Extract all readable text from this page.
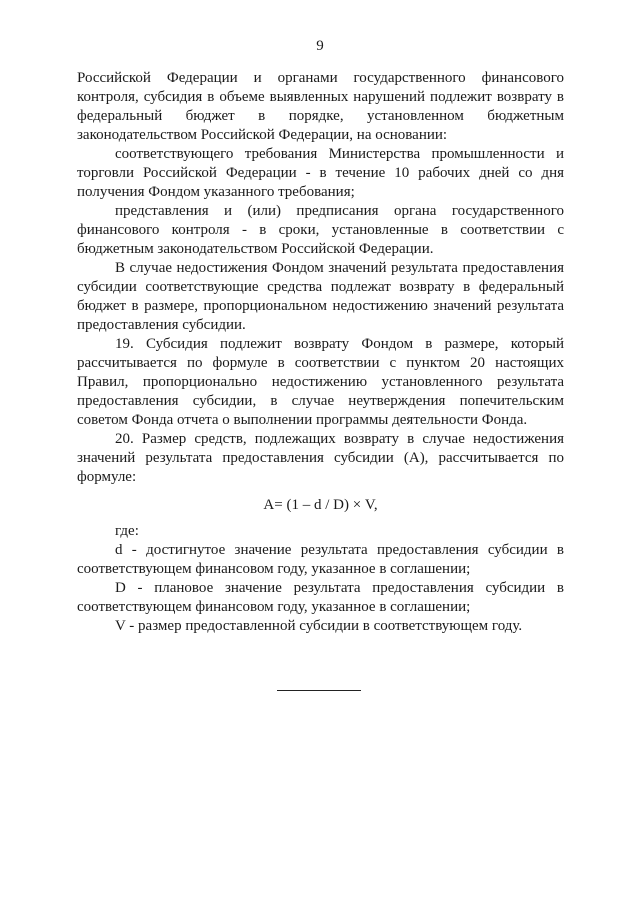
9

Российской Федерации и органами государственного финансового контроля, субсидия в объеме выявленных нарушений подлежит возврату в федеральный бюджет в порядке, установленном бюджетным законодательством Российской Федерации, на основании:

соответствующего требования Министерства промышленности и торговли Российской Федерации - в течение 10 рабочих дней со дня получения Фондом указанного требования;

представления и (или) предписания органа государственного финансового контроля - в сроки, установленные в соответствии с бюджетным законодательством Российской Федерации.

В случае недостижения Фондом значений результата предоставления субсидии соответствующие средства подлежат возврату в федеральный бюджет в размере, пропорциональном недостижению значений результата предоставления субсидии.

19. Субсидия подлежит возврату Фондом в размере, который рассчитывается по формуле в соответствии с пунктом 20 настоящих Правил, пропорционально недостижению установленного результата предоставления субсидии, в случае неутверждения попечительским советом Фонда отчета о выполнении программы деятельности Фонда.

20. Размер средств, подлежащих возврату в случае недостижения значений результата предоставления субсидии (А), рассчитывается по формуле:

А= (1 – d / D) × V,

где:

d - достигнутое значение результата предоставления субсидии в соответствующем финансовом году, указанное в соглашении;

D - плановое значение результата предоставления субсидии в соответствующем финансовом году, указанное в соглашении;

V - размер предоставленной субсидии в соответствующем году.
